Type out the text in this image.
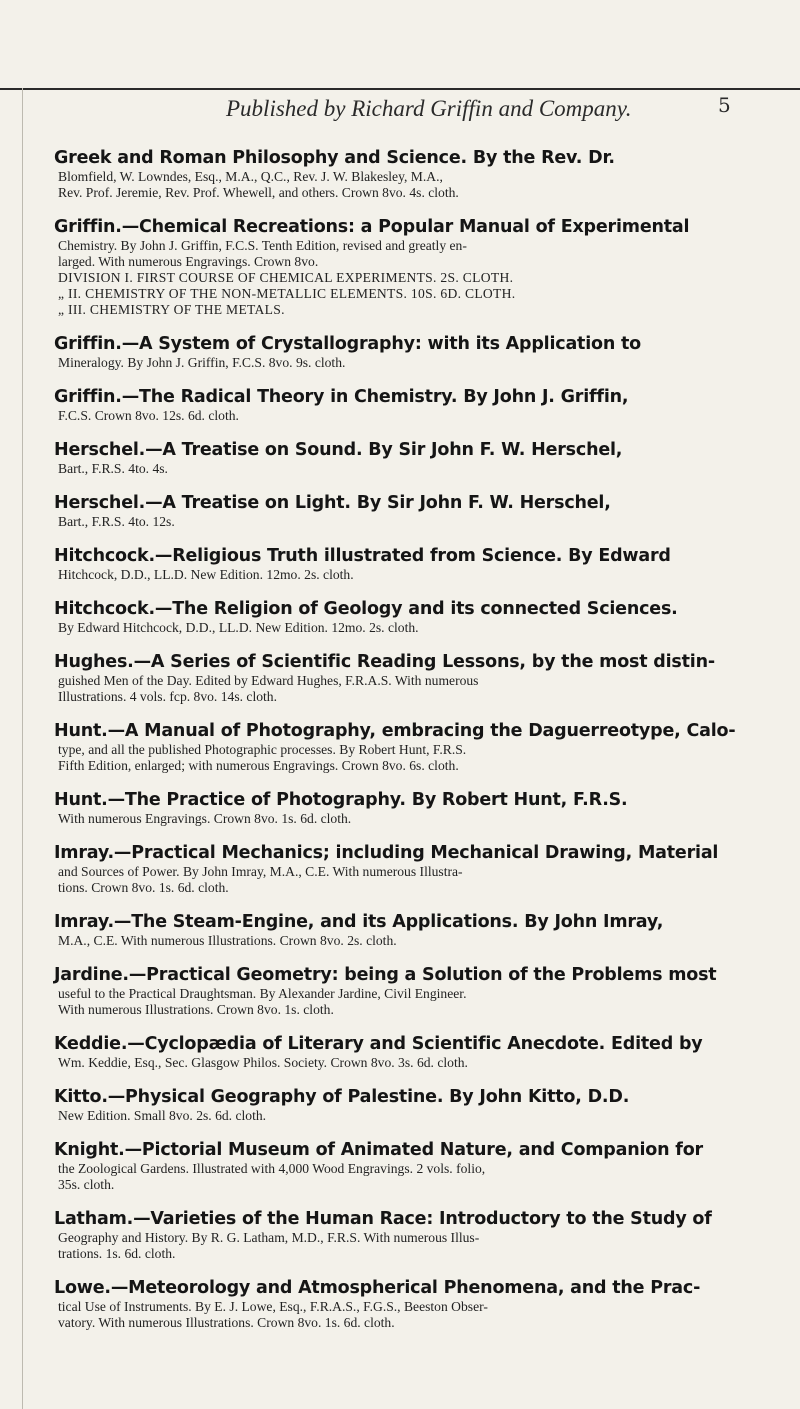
Published by Richard Griffin and Company.	5
Greek and Roman Philosophy and Science. By the Rev. Dr.
Blomfield, W. Lowndes, Esq., M.A., Q.C., Rev. J. W. Blakesley, M.A.,
Rev. Prof. Jeremie, Rev. Prof. Whewell, and others. Crown 8vo. 4s. cloth.
Griffin.—Chemical Recreations: a Popular Manual of Experimental
Chemistry. By John J. Griffin, F.C.S. Tenth Edition, revised and greatly en-
larged. With numerous Engravings. Crown 8vo.
DIVISION I. FIRST COURSE OF CHEMICAL EXPERIMENTS. 2S. CLOTH.
„ II. CHEMISTRY OF THE NON-METALLIC ELEMENTS. 10S. 6D. CLOTH.
„ III. CHEMISTRY OF THE METALS.
Griffin.—A System of Crystallography: with its Application to
Mineralogy. By John J. Griffin, F.C.S. 8vo. 9s. cloth.
Griffin.—The Radical Theory in Chemistry. By John J. Griffin,
F.C.S. Crown 8vo. 12s. 6d. cloth.
Herschel.—A Treatise on Sound. By Sir John F. W. Herschel,
Bart., F.R.S. 4to. 4s.
Herschel.—A Treatise on Light. By Sir John F. W. Herschel,
Bart., F.R.S. 4to. 12s.
Hitchcock.—Religious Truth illustrated from Science. By Edward
Hitchcock, D.D., LL.D. New Edition. 12mo. 2s. cloth.
Hitchcock.—The Religion of Geology and its connected Sciences.
By Edward Hitchcock, D.D., LL.D. New Edition. 12mo. 2s. cloth.
Hughes.—A Series of Scientific Reading Lessons, by the most distin-
guished Men of the Day. Edited by Edward Hughes, F.R.A.S. With numerous
Illustrations. 4 vols. fcp. 8vo. 14s. cloth.
Hunt.—A Manual of Photography, embracing the Daguerreotype, Calo-
type, and all the published Photographic processes. By Robert Hunt, F.R.S.
Fifth Edition, enlarged; with numerous Engravings. Crown 8vo. 6s. cloth.
Hunt.—The Practice of Photography. By Robert Hunt, F.R.S.
With numerous Engravings. Crown 8vo. 1s. 6d. cloth.
Imray.—Practical Mechanics; including Mechanical Drawing, Material
and Sources of Power. By John Imray, M.A., C.E. With numerous Illustra-
tions. Crown 8vo. 1s. 6d. cloth.
Imray.—The Steam-Engine, and its Applications. By John Imray,
M.A., C.E. With numerous Illustrations. Crown 8vo. 2s. cloth.
Jardine.—Practical Geometry: being a Solution of the Problems most
useful to the Practical Draughtsman. By Alexander Jardine, Civil Engineer.
With numerous Illustrations. Crown 8vo. 1s. cloth.
Keddie.—Cyclopædia of Literary and Scientific Anecdote. Edited by
Wm. Keddie, Esq., Sec. Glasgow Philos. Society. Crown 8vo. 3s. 6d. cloth.
Kitto.—Physical Geography of Palestine. By John Kitto, D.D.
New Edition. Small 8vo. 2s. 6d. cloth.
Knight.—Pictorial Museum of Animated Nature, and Companion for
the Zoological Gardens. Illustrated with 4,000 Wood Engravings. 2 vols. folio,
35s. cloth.
Latham.—Varieties of the Human Race: Introductory to the Study of
Geography and History. By R. G. Latham, M.D., F.R.S. With numerous Illus-
trations. 1s. 6d. cloth.
Lowe.—Meteorology and Atmospherical Phenomena, and the Prac-
tical Use of Instruments. By E. J. Lowe, Esq., F.R.A.S., F.G.S., Beeston Obser-
vatory. With numerous Illustrations. Crown 8vo. 1s. 6d. cloth.
